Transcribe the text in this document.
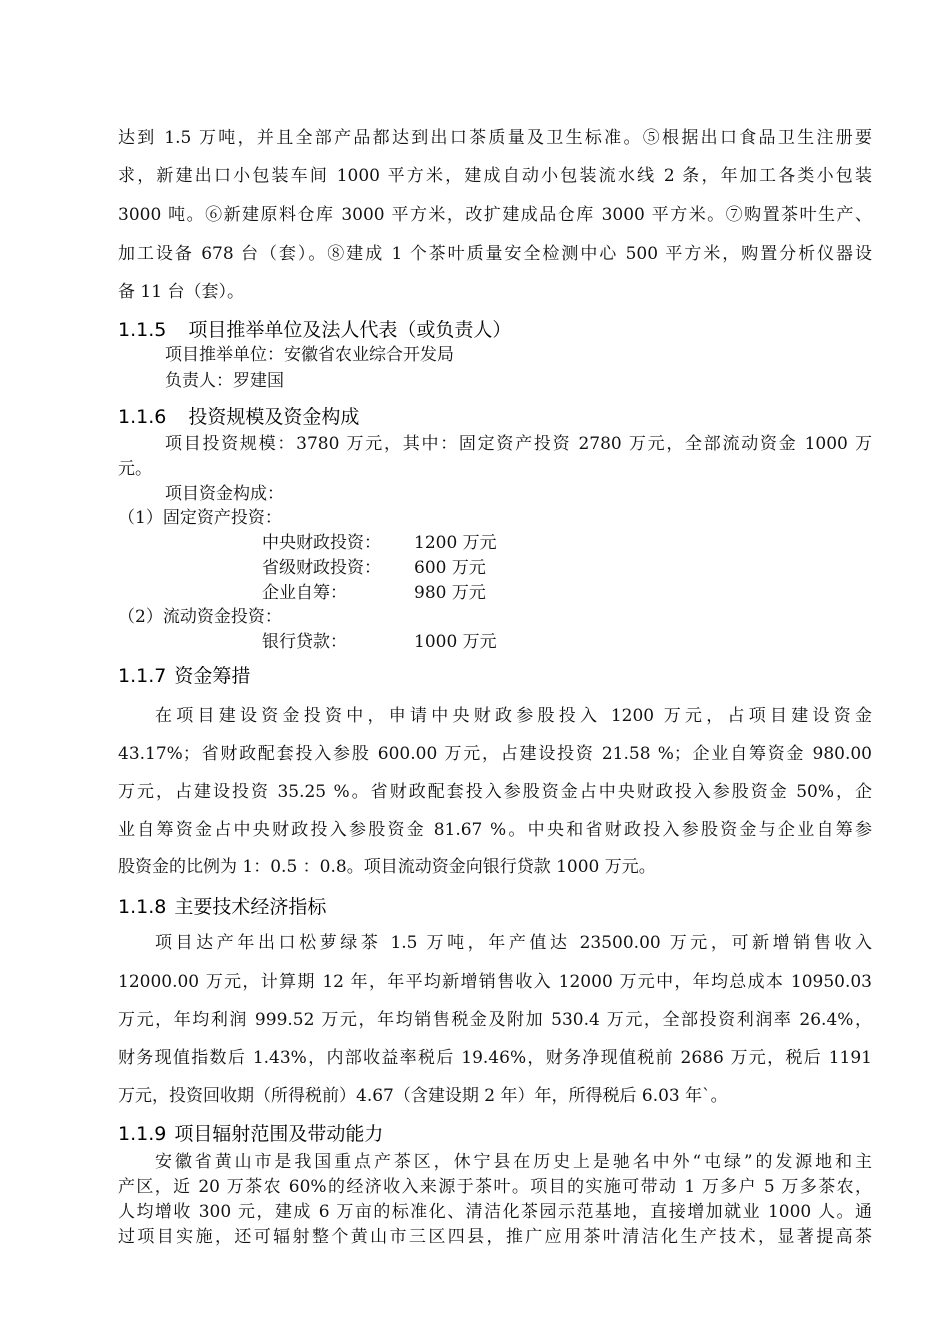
达到 1.5 万吨，并且全部产品都达到出口茶质量及卫生标准。⑤根据出口食品卫生注册要
求，新建出口小包装车间 1000 平方米，建成自动小包装流水线 2 条，年加工各类小包装
3000 吨。⑥新建原料仓库 3000 平方米，改扩建成品仓库 3000 平方米。⑦购置茶叶生产、
加工设备 678 台（套）。⑧建成 1 个茶叶质量安全检测中心 500 平方米，购置分析仪器设
备 11 台（套）。
1.1.5 项目推举单位及法人代表（或负责人）
项目推举单位：安徽省农业综合开发局
负责人：罗建国
1.1.6 投资规模及资金构成
项目投资规模：3780 万元，其中：固定资产投资 2780 万元，全部流动资金 1000 万
元。
项目资金构成：
（1）固定资产投资：
中央财政投资： 1200 万元
省级财政投资： 600 万元
企业自筹：	980 万元
（2）流动资金投资：
银行贷款：	1000 万元
1.1.7 资金筹措
在项目建设资金投资中，申请中央财政参股投入 1200 万元，占项目建设资金
43.17%；省财政配套投入参股 600.00 万元，占建设投资 21.58 %；企业自筹资金 980.00
万元，占建设投资 35.25 %。省财政配套投入参股资金占中央财政投入参股资金 50%，企
业自筹资金占中央财政投入参股资金 81.67 %。中央和省财政投入参股资金与企业自筹参
股资金的比例为 1：0.5 ：0.8。项目流动资金向银行贷款 1000 万元。
1.1.8 主要技术经济指标
项目达产年出口松萝绿茶 1.5 万吨，年产值达 23500.00 万元，可新增销售收入
12000.00 万元，计算期 12 年，年平均新增销售收入 12000 万元中，年均总成本 10950.03
万元，年均利润 999.52 万元，年均销售税金及附加 530.4 万元，全部投资利润率 26.4%，
财务现值指数后 1.43%，内部收益率税后 19.46%，财务净现值税前 2686 万元，税后 1191
万元，投资回收期（所得税前）4.67（含建设期 2 年）年，所得税后 6.03 年`。
1.1.9 项目辐射范围及带动能力
安徽省黄山市是我国重点产茶区，休宁县在历史上是驰名中外“屯绿”的发源地和主
产区，近 20 万茶农 60%的经济收入来源于茶叶。项目的实施可带动 1 万多户 5 万多茶农，
人均增收 300 元，建成 6 万亩的标准化、清洁化茶园示范基地，直接增加就业 1000 人。通
过项目实施，还可辐射整个黄山市三区四县，推广应用茶叶清洁化生产技术，显著提高茶
